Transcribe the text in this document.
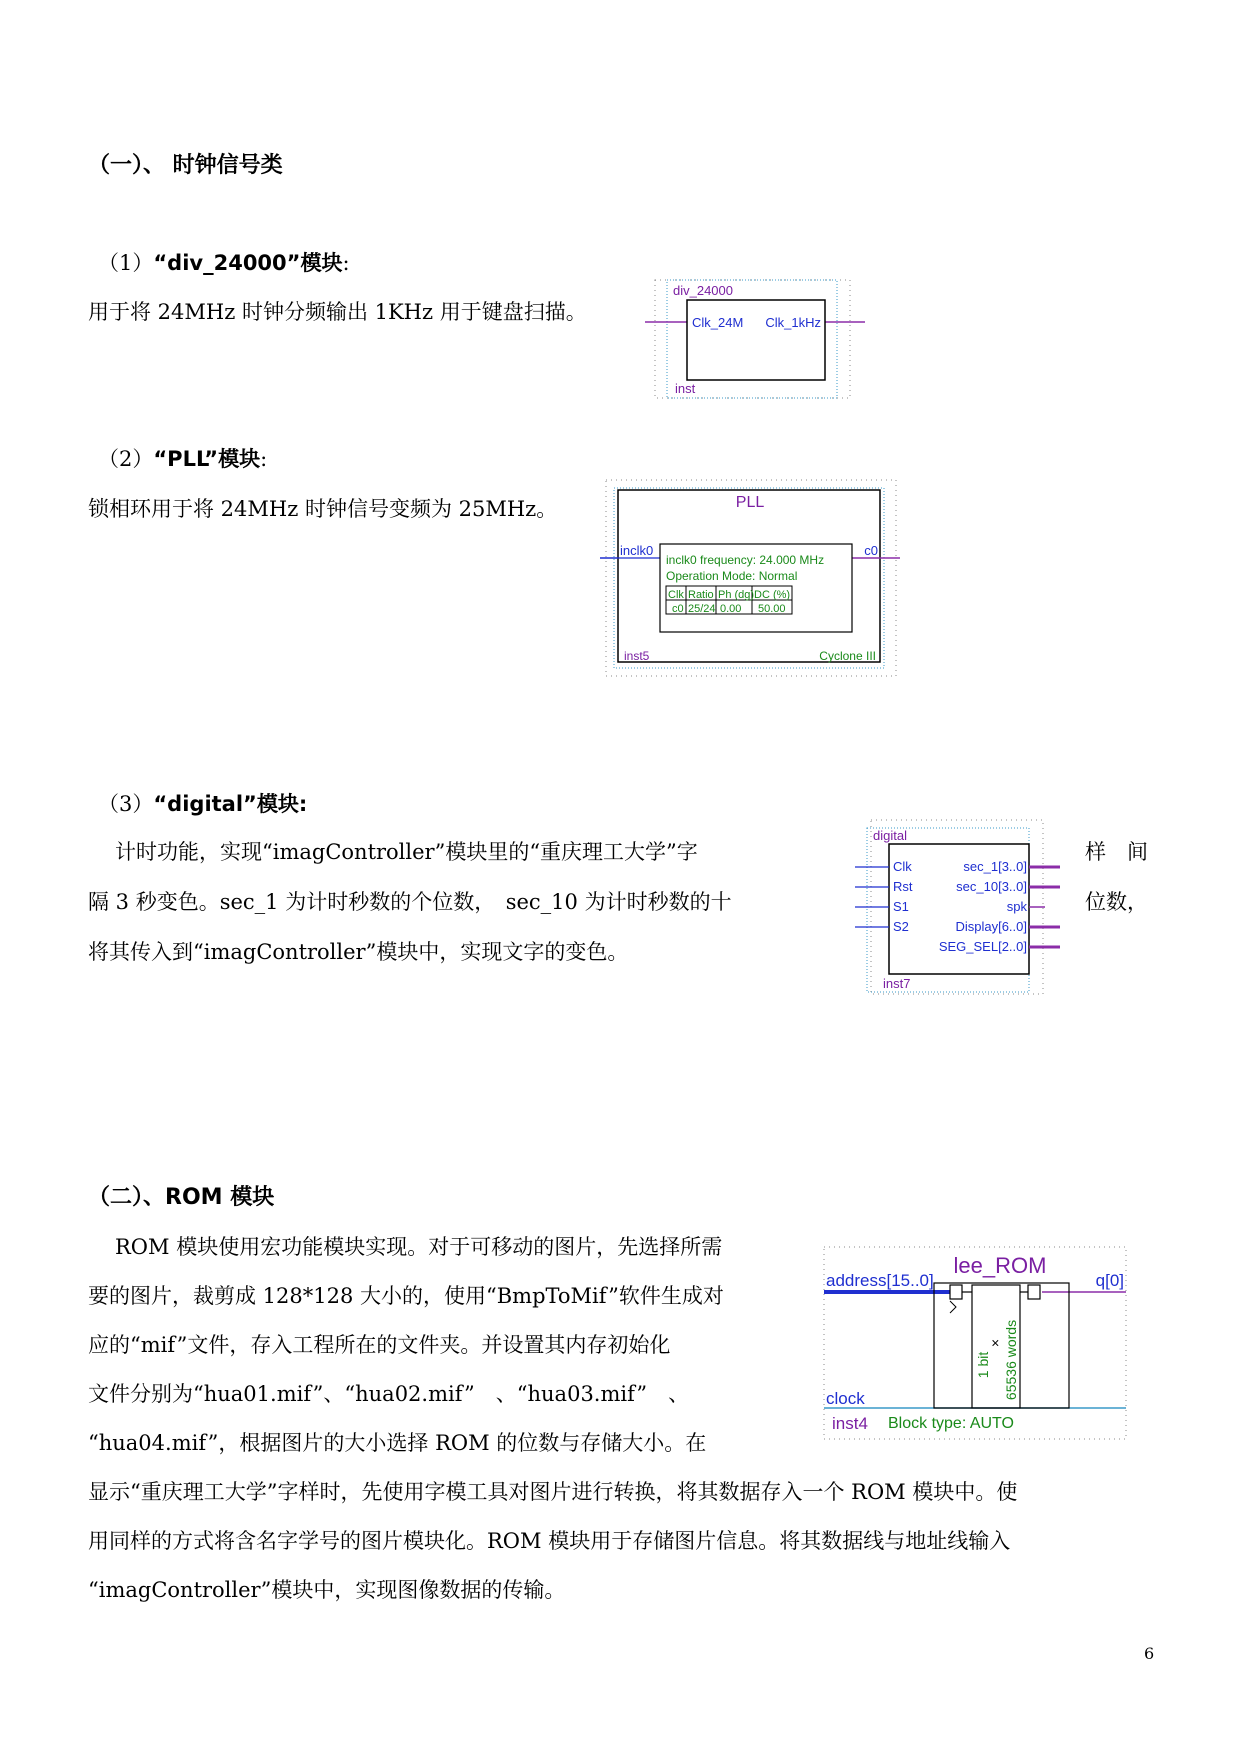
（一）、 时钟信号类
（1）“div_24000”模块:
用于将 24MHz 时钟分频输出 1KHz 用于键盘扫描。
div_24000
Clk_24M Clk_1kHz
inst
（2）“PLL”模块:
锁相环用于将 24MHz 时钟信号变频为 25MHz。	PLL
inclk0	c0
inclk0 frequency: 24.000 MHz
Operation Mode: Normal
Clk Ratio Ph (dg) DC (%)
c0 25/24 0.00 50.00
inst5	Cyclone III
（3）“digital”模块:
计时功能，实现“imagController”模块里的“重庆理工大学”字	样　间
隔 3 秒变色。sec_1 为计时秒数的个位数，　sec_10 为计时秒数的十	位数，
将其传入到“imagController”模块中，实现文字的变色。
digital
Clk
Rst
S1
S2
sec_1[3..0]
sec_10[3..0]
spk
Display[6..0]
SEG_SEL[2..0]
inst7
（二）、ROM 模块
ROM 模块使用宏功能模块实现。对于可移动的图片，先选择所需
要的图片，裁剪成 128*128 大小的，使用“BmpToMif”软件生成对
应的“mif”文件，存入工程所在的文件夹。并设置其内存初始化
文件分别为“hua01.mif”、“hua02.mif”　、“hua03.mif”　、
“hua04.mif”，根据图片的大小选择 ROM 的位数与存储大小。在
显示“重庆理工大学”字样时，先使用字模工具对图片进行转换，将其数据存入一个 ROM 模块中。使
用同样的方式将含名字学号的图片模块化。ROM 模块用于存储图片信息。将其数据线与地址线输入
“imagController”模块中，实现图像数据的传输。
lee_ROM
address[15..0]	q[0]
clock
1 bit
× 65536 words
inst4 Block type: AUTO
6
